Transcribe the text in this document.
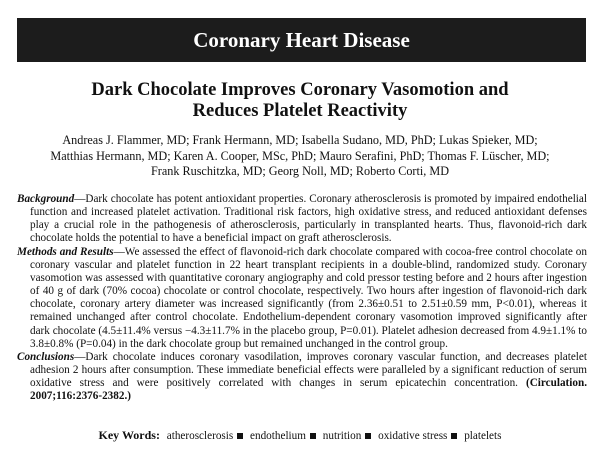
Coronary Heart Disease
Dark Chocolate Improves Coronary Vasomotion and
Reduces Platelet Reactivity
Andreas J. Flammer, MD; Frank Hermann, MD; Isabella Sudano, MD, PhD; Lukas Spieker, MD;
Matthias Hermann, MD; Karen A. Cooper, MSc, PhD; Mauro Serafini, PhD; Thomas F. Lüscher, MD;
Frank Ruschitzka, MD; Georg Noll, MD; Roberto Corti, MD

Background—Dark chocolate has potent antioxidant properties. Coronary atherosclerosis is promoted by impaired endothelial function and increased platelet activation. Traditional risk factors, high oxidative stress, and reduced antioxidant defenses play a crucial role in the pathogenesis of atherosclerosis, particularly in transplanted hearts. Thus, flavonoid-rich dark chocolate holds the potential to have a beneficial impact on graft atherosclerosis.

Methods and Results—We assessed the effect of flavonoid-rich dark chocolate compared with cocoa-free control chocolate on coronary vascular and platelet function in 22 heart transplant recipients in a double-blind, randomized study. Coronary vasomotion was assessed with quantitative coronary angiography and cold pressor testing before and 2 hours after ingestion of 40 g of dark (70% cocoa) chocolate or control chocolate, respectively. Two hours after ingestion of flavonoid-rich dark chocolate, coronary artery diameter was increased significantly (from 2.36±0.51 to 2.51±0.59 mm, P<0.01), whereas it remained unchanged after control chocolate. Endothelium-dependent coronary vasomotion improved significantly after dark chocolate (4.5±11.4% versus −4.3±11.7% in the placebo group, P=0.01). Platelet adhesion decreased from 4.9±1.1% to 3.8±0.8% (P=0.04) in the dark chocolate group but remained unchanged in the control group.

Conclusions—Dark chocolate induces coronary vasodilation, improves coronary vascular function, and decreases platelet adhesion 2 hours after consumption. These immediate beneficial effects were paralleled by a significant reduction of serum oxidative stress and were positively correlated with changes in serum epicatechin concentration. (Circulation. 2007;116:2376-2382.)

Key Words: atherosclerosis endothelium nutrition oxidative stress platelets
